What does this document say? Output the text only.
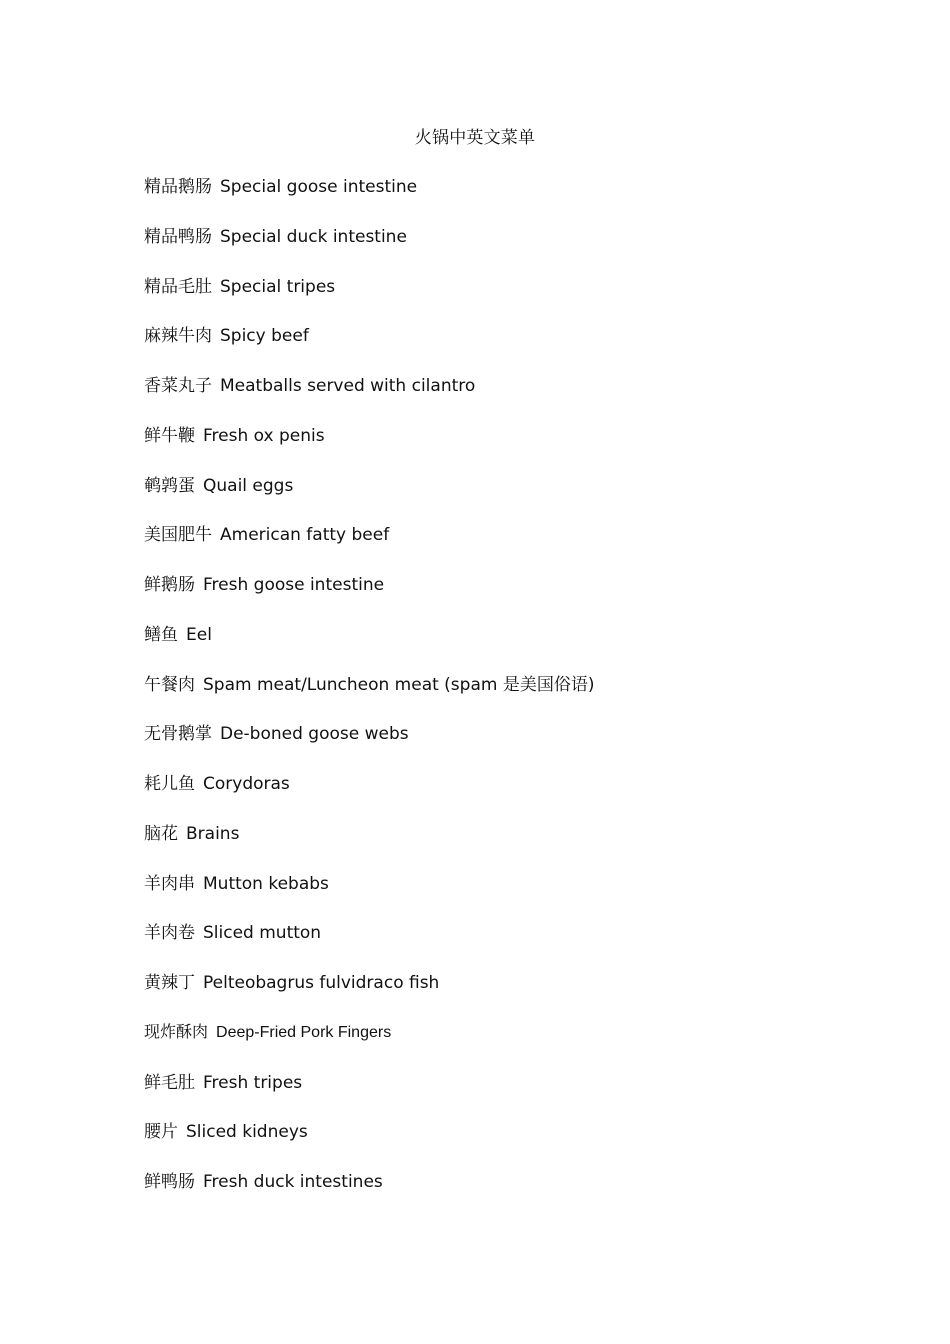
火锅中英文菜单
精品鹅肠 Special goose intestine
精品鸭肠 Special duck intestine
精品毛肚 Special tripes
麻辣牛肉 Spicy beef
香菜丸子 Meatballs served with cilantro
鲜牛鞭 Fresh ox penis
鹌鹑蛋 Quail eggs
美国肥牛 American fatty beef
鲜鹅肠 Fresh goose intestine
鳝鱼 Eel
午餐肉 Spam meat/Luncheon meat (spam 是美国俗语)
无骨鹅掌 De-boned goose webs
耗儿鱼 Corydoras
脑花 Brains
羊肉串 Mutton kebabs
羊肉卷 Sliced mutton
黄辣丁 Pelteobagrus fulvidraco fish
现炸酥肉 Deep-Fried Pork Fingers
鲜毛肚 Fresh tripes
腰片 Sliced kidneys
鲜鸭肠 Fresh duck intestines
